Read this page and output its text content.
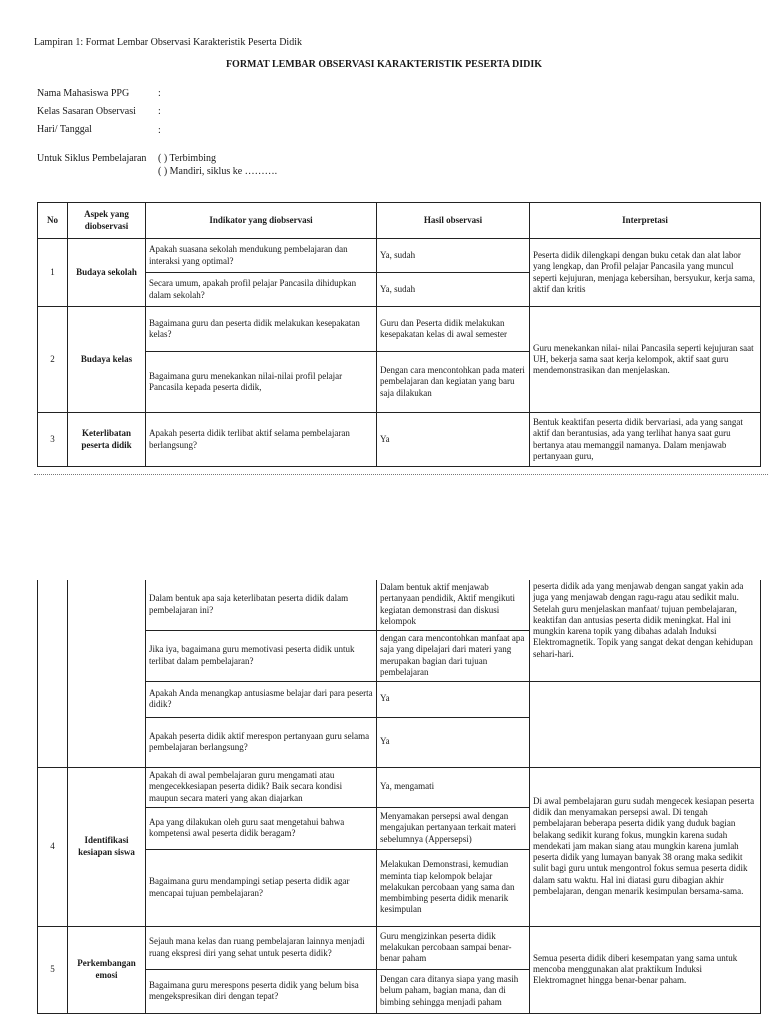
Lampiran 1: Format Lembar Observasi Karakteristik Peserta Didik
FORMAT LEMBAR OBSERVASI KARAKTERISTIK PESERTA DIDIK
Nama Mahasiswa PPG	:
Kelas Sasaran Observasi :
Hari/ Tanggal	:
Untuk Siklus Pembelajaran ( ) Terbimbing
( ) Mandiri, siklus ke ……….
No	Aspek yang diobservasi	Indikator yang diobservasi	Hasil observasi	Interpretasi
1	Budaya sekolah	Apakah suasana sekolah mendukung pembelajaran dan interaksi yang optimal?	Ya, sudah	Peserta didik dilengkapi dengan buku cetak dan alat labor yang lengkap, dan Profil pelajar Pancasila yang muncul seperti kejujuran, menjaga kebersihan, bersyukur, kerja sama, aktif dan kritis
		Secara umum, apakah profil pelajar Pancasila dihidupkan dalam sekolah?	Ya, sudah	
2	Budaya kelas	Bagaimana guru dan peserta didik melakukan kesepakatan kelas?	Guru dan Peserta didik melakukan kesepakatan kelas di awal semester	Guru menekankan nilai- nilai Pancasila seperti kejujuran saat UH, bekerja sama saat kerja kelompok, aktif saat guru mendemonstrasikan dan menjelaskan.
		Bagaimana guru menekankan nilai-nilai profil pelajar Pancasila kepada peserta didik,	Dengan cara mencontohkan pada materi pembelajaran dan kegiatan yang baru saja dilakukan	
3	Keterlibatan peserta didik	Apakah peserta didik terlibat aktif selama pembelajaran berlangsung?	Ya	Bentuk keaktifan peserta didik bervariasi, ada yang sangat aktif dan berantusias, ada yang terlihat hanya saat guru bertanya atau memanggil namanya. Dalam menjawab pertanyaan guru,
		Dalam bentuk apa saja keterlibatan peserta didik dalam pembelajaran ini?	Dalam bentuk aktif menjawab pertanyaan pendidik, Aktif mengikuti kegiatan demonstrasi dan diskusi kelompok	peserta didik ada yang menjawab dengan sangat yakin ada juga yang menjawab dengan ragu-ragu atau sedikit malu. Setelah guru menjelaskan manfaat/ tujuan pembelajaran, keaktifan dan antusias peserta didik meningkat. Hal ini mungkin karena topik yang dibahas adalah Induksi Elektromagnetik. Topik yang sangat dekat dengan kehidupan sehari-hari.
		Jika iya, bagaimana guru memotivasi peserta didik untuk terlibat dalam pembelajaran?	dengan cara mencontohkan manfaat apa saja yang dipelajari dari materi yang merupakan bagian dari tujuan pembelajaran	
		Apakah Anda menangkap antusiasme belajar dari para peserta didik?	Ya	
		Apakah peserta didik aktif merespon pertanyaan guru selama pembelajaran berlangsung?	Ya	
4	Identifikasi kesiapan siswa	Apakah di awal pembelajaran guru mengamati atau mengecekkesiapan peserta didik? Baik secara kondisi maupun secara materi yang akan diajarkan	Ya, mengamati	Di awal pembelajaran guru sudah mengecek kesiapan peserta didik dan menyamakan persepsi awal. Di tengah pembelajaran beberapa peserta didik yang duduk bagian belakang sedikit kurang fokus, mungkin karena sudah mendekati jam makan siang atau mungkin karena jumlah peserta didik yang lumayan banyak 38 orang maka sedikit sulit bagi guru untuk mengontrol fokus semua peserta didik dalam satu waktu. Hal ini diatasi guru dibagian akhir pembelajaran, dengan menarik kesimpulan bersama-sama.
		Apa yang dilakukan oleh guru saat mengetahui bahwa kompetensi awal peserta didik beragam?	Menyamakan persepsi awal dengan mengajukan pertanyaan terkait materi sebelumnya (Appersepsi)	
		Bagaimana guru mendampingi setiap peserta didik agar mencapai tujuan pembelajaran?	Melakukan Demonstrasi, kemudian meminta tiap kelompok belajar melakukan percobaan yang sama dan membimbing peserta didik menarik kesimpulan	
5	Perkembangan emosi	Sejauh mana kelas dan ruang pembelajaran lainnya menjadi ruang ekspresi diri yang sehat untuk peserta didik?	Guru mengizinkan peserta didik melakukan percobaan sampai benar-benar paham	Semua peserta didik diberi kesempatan yang sama untuk mencoba menggunakan alat praktikum Induksi Elektromagnet hingga benar-benar paham.
		Bagaimana guru merespons peserta didik yang belum bisa mengekspresikan diri dengan tepat?	Dengan cara ditanya siapa yang masih belum paham, bagian mana, dan di bimbing sehingga menjadi paham	
